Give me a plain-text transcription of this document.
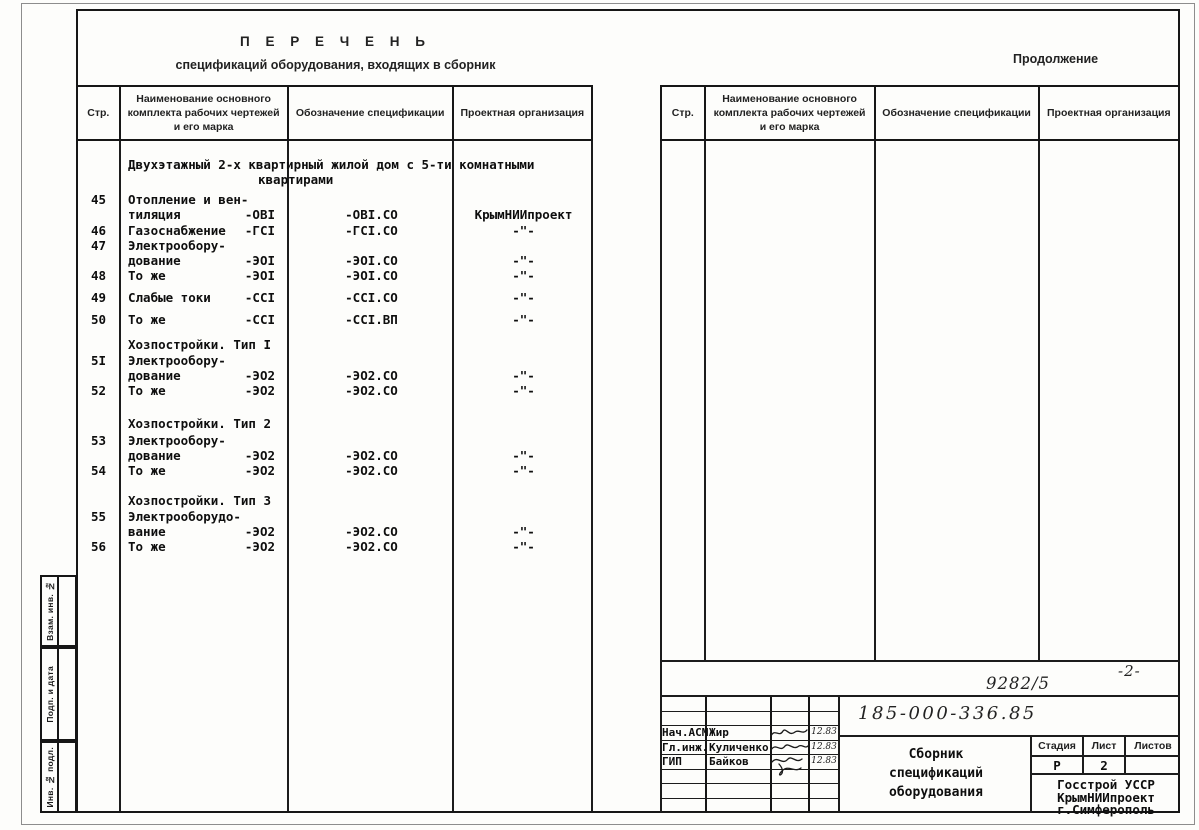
П Е Р Е Ч Е Н Ь
спецификаций оборудования, входящих в сборник	Продолжение
Стр.
Наименование основного комплекта рабочих чертежей и его марка
Обозначение спецификации	Проектная организация
Двухэтажный 2-х квартирный жилой дом с 5-ти комнатными
квартирами
45	Отопление и вен-
тиляция	-ОВI	-ОВI.СО	КрымНИИпроект
46	Газоснабжение -ГСI	-ГСI.СО	-"-
47	Электрообору-
дование	-ЭОI	-ЭОI.СО	-"-
48	То же	-ЭОI	-ЭОI.СО	-"-
49	Слабые токи	-ССI	-ССI.СО	-"-
50	То же	-ССI	-ССI.ВП	-"-
Хозпостройки. Тип I
5I	Электрообору-
дование	-ЭО2	-ЭО2.СО	-"-
52	То же	-ЭО2	-ЭО2.СО	-"-
Хозпостройки. Тип 2
53	Электрообору-
дование	-ЭО2	-ЭО2.СО	-"-
54	То же	-ЭО2	-ЭО2.СО	-"-
Хозпостройки. Тип 3
55	Электрооборудо-
вание	-ЭО2	-ЭО2.СО	-"-
56	То же	-ЭО2	-ЭО2.СО	-"-
Стр.
Наименование основного комплекта рабочих чертежей и его марка
Обозначение спецификации	Проектная организация
9282/5
-2-
Нач.АСМ Жир	12.83
Гл.инж. Куличенко	12.83
ГИП	Байков	12.83
185-000-336.85
Сборник
спецификаций
оборудования
Стадия	Лист	Листов
Р	2
Госстрой УССР
КрымНИИпроект
г.Симферополь
Взам. инв. №
Подп. и дата
Инв. № подл.
